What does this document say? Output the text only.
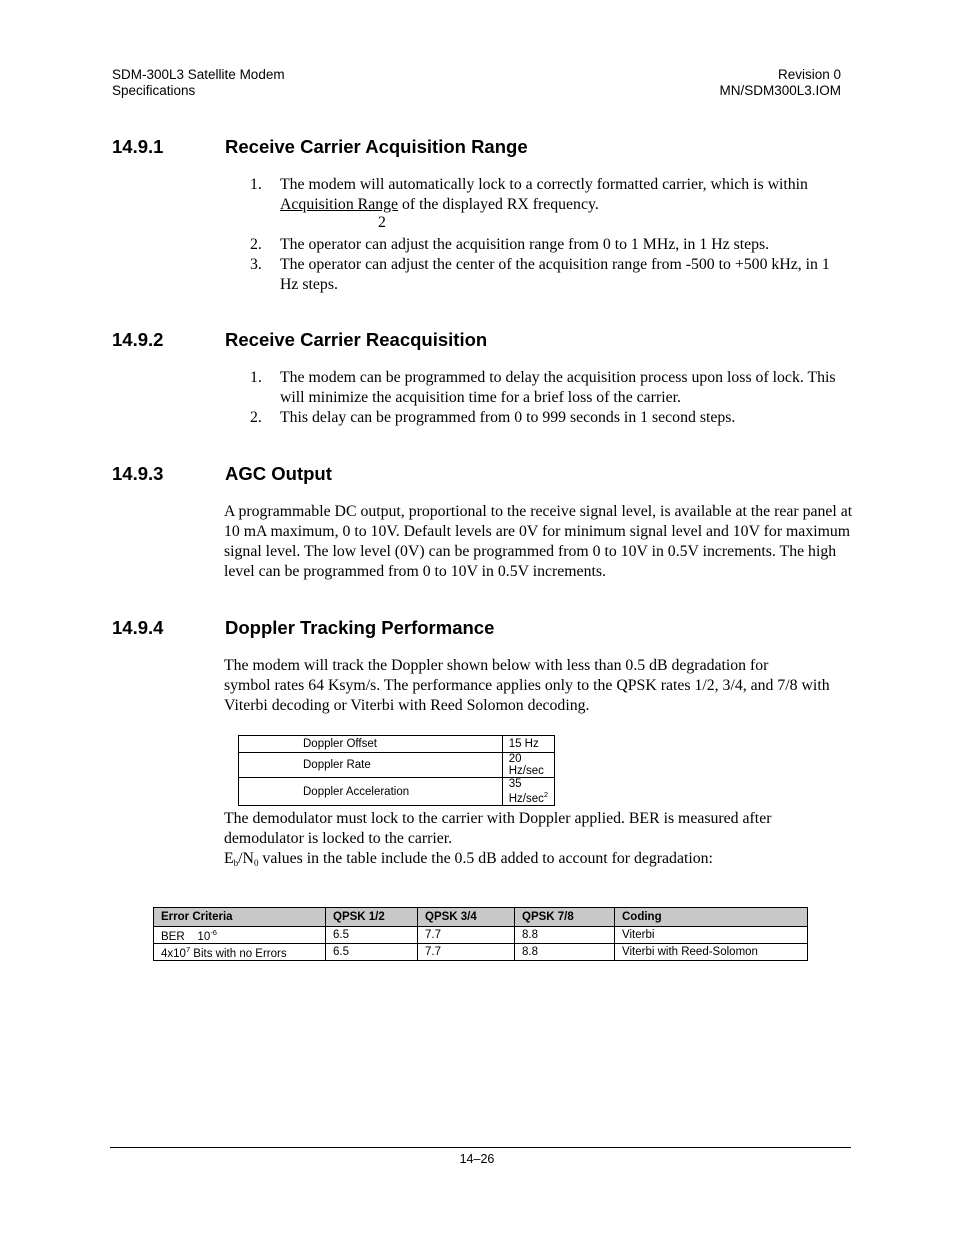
SDM-300L3 Satellite Modem
Specifications
Revision 0
MN/SDM300L3.IOM
14.9.1	Receive Carrier Acquisition Range
1. The modem will automatically lock to a correctly formatted carrier, which is within Acquisition Range of the displayed RX frequency.
2. The operator can adjust the acquisition range from 0 to 1 MHz, in 1 Hz steps.
3. The operator can adjust the center of the acquisition range from -500 to +500 kHz, in 1 Hz steps.
2
14.9.2	Receive Carrier Reacquisition
1. The modem can be programmed to delay the acquisition process upon loss of lock. This will minimize the acquisition time for a brief loss of the carrier.
2. This delay can be programmed from 0 to 999 seconds in 1 second steps.
14.9.3	AGC Output

A programmable DC output, proportional to the receive signal level, is available at the rear panel at 10 mA maximum, 0 to 10V. Default levels are 0V for minimum signal level and 10V for maximum signal level. The low level (0V) can be programmed from 0 to 10V in 0.5V increments. The high level can be programmed from 0 to 10V in 0.5V increments.

14.9.4	Doppler Tracking Performance

The modem will track the Doppler shown below with less than 0.5 dB degradation for
symbol rates 64 Ksym/s. The performance applies only to the QPSK rates 1/2, 3/4, and 7/8 with Viterbi decoding or Viterbi with Reed Solomon decoding.

Doppler Offset	15 Hz
Doppler Rate	20 Hz/sec
Doppler Acceleration	35 $Hz/\sec^2$

The demodulator must lock to the carrier with Doppler applied. BER is measured after demodulator is locked to the carrier.

$E_b/N_0$ values in the table include the 0.5 dB added to account for degradation:

Error Criteria	QPSK 1/2	QPSK 3/4	QPSK 7/8	Coding
BER    $10^{-6}$	6.5	7.7	8.8	Viterbi
$4x10^7$ Bits with no Errors	6.5	7.7	8.8	Viterbi with Reed-Solomon
14–26
